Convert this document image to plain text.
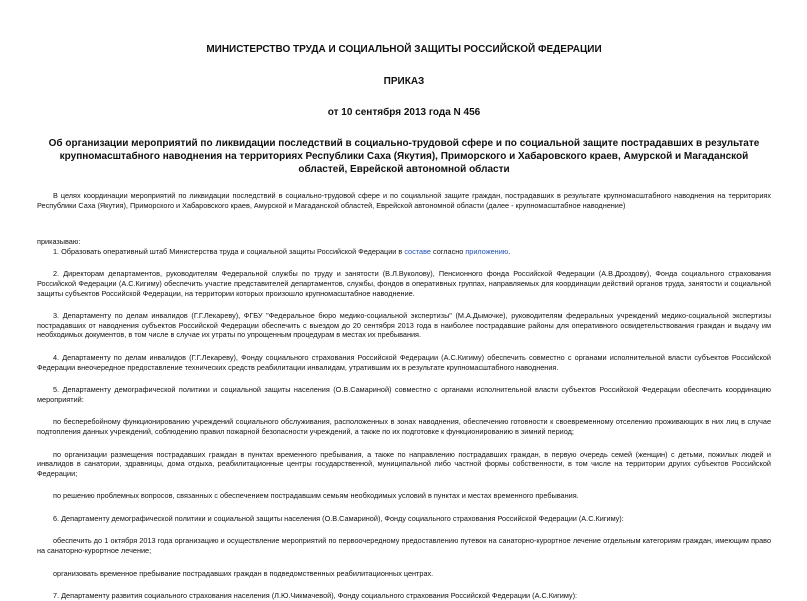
МИНИСТЕРСТВО ТРУДА И СОЦИАЛЬНОЙ ЗАЩИТЫ РОССИЙСКОЙ ФЕДЕРАЦИИ
ПРИКАЗ
от 10 сентября 2013 года N 456
Об организации мероприятий по ликвидации последствий в социально-трудовой сфере и по социальной защите пострадавших в результате крупномасштабного наводнения на территориях Республики Саха (Якутия), Приморского и Хабаровского краев, Амурской и Магаданской областей, Еврейской автономной области

В целях координации мероприятий по ликвидации последствий в социально-трудовой сфере и по социальной защите граждан, пострадавших в результате крупномасштабного наводнения на территориях Республики Саха (Якутия), Приморского и Хабаровского краев, Амурской и Магаданской областей, Еврейской автономной области (далее - крупномасштабное наводнение)

приказываю:

1. Образовать оперативный штаб Министерства труда и социальной защиты Российской Федерации в составе согласно приложению.

2. Директорам департаментов, руководителям Федеральной службы по труду и занятости (В.Л.Вуколову), Пенсионного фонда Российской Федерации (А.В.Дроздову), Фонда социального страхования Российской Федерации (А.С.Кигиму) обеспечить участие представителей департаментов, службы, фондов в оперативных группах, направляемых для координации действий органов труда, занятости и социальной защиты субъектов Российской Федерации, на территории которых произошло крупномасштабное наводнение.

3. Департаменту по делам инвалидов (Г.Г.Лекареву), ФГБУ "Федеральное бюро медико-социальной экспертизы" (М.А.Дымочке), руководителям федеральных учреждений медико-социальной экспертизы пострадавших от наводнения субъектов Российской Федерации обеспечить с выездом до 20 сентября 2013 года в наиболее пострадавшие районы для оперативного освидетельствования граждан и выдачу им необходимых документов, в том числе в случае их утраты по упрощенным процедурам в местах их пребывания.

4. Департаменту по делам инвалидов (Г.Г.Лекареву), Фонду социального страхования Российской Федерации (А.С.Кигиму) обеспечить совместно с органами исполнительной власти субъектов Российской Федерации внеочередное предоставление технических средств реабилитации инвалидам, утратившим их в результате крупномасштабного наводнения.

5. Департаменту демографической политики и социальной защиты населения (О.В.Самариной) совместно с органами исполнительной власти субъектов Российской Федерации обеспечить координацию мероприятий:

по бесперебойному функционированию учреждений социального обслуживания, расположенных в зонах наводнения, обеспечению готовности к своевременному отселению проживающих в них лиц в случае подтопления данных учреждений, соблюдению правил пожарной безопасности учреждений, а также по их подготовке к функционированию в зимний период;

по организации размещения пострадавших граждан в пунктах временного пребывания, а также по направлению пострадавших граждан, в первую очередь семей (женщин) с детьми, пожилых людей и инвалидов в санатории, здравницы, дома отдыха, реабилитационные центры государственной, муниципальной либо частной формы собственности, в том числе на территории других субъектов Российской Федерации;

по решению проблемных вопросов, связанных с обеспечением пострадавшим семьям необходимых условий в пунктах и местах временного пребывания.

6. Департаменту демографической политики и социальной защиты населения (О.В.Самариной), Фонду социального страхования Российской Федерации (А.С.Кигиму):

обеспечить до 1 октября 2013 года организацию и осуществление мероприятий по первоочередному предоставлению путевок на санаторно-курортное лечение отдельным категориям граждан, имеющим право на санаторно-курортное лечение;

организовать временное пребывание пострадавших граждан в подведомственных реабилитационных центрах.

7. Департаменту развития социального страхования населения (Л.Ю.Чикмачевой), Фонду социального страхования Российской Федерации (А.С.Кигиму):
